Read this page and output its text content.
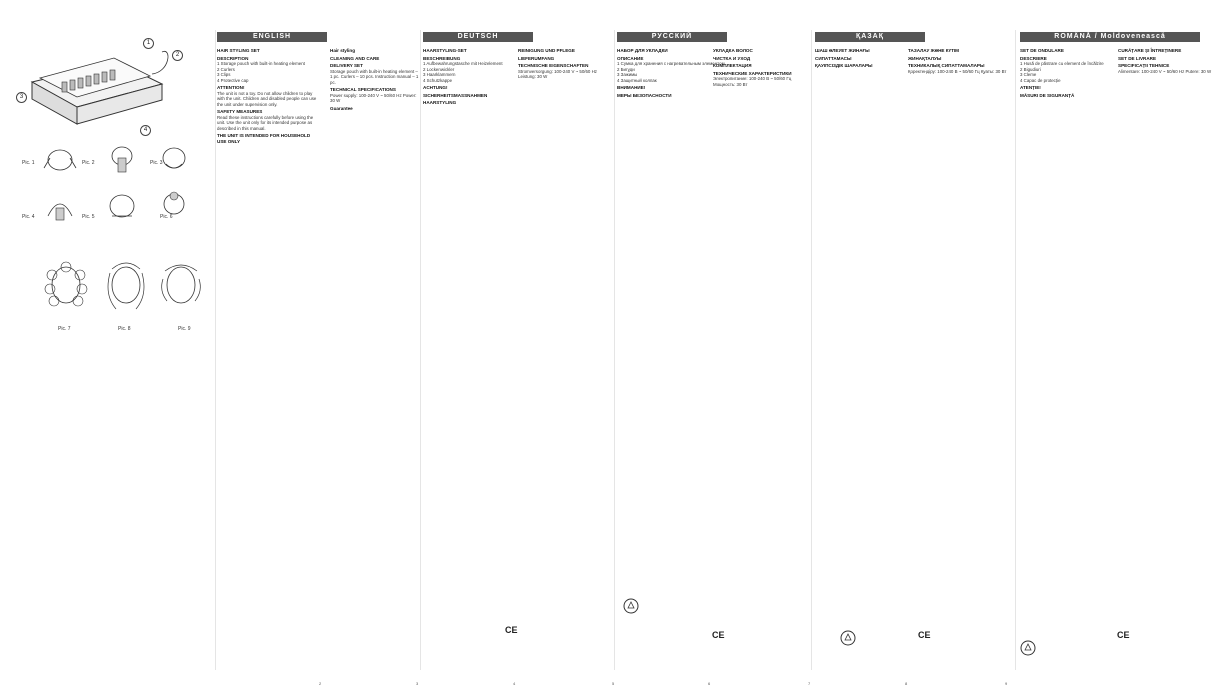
1
2
3
4
Pic. 1	Pic. 2	Pic. 3
Pic. 4	Pic. 5	Pic. 6
Pic. 7	Pic. 8	Pic. 9
ENGLISH	DEUTSCH	РУССКИЙ	ҚАЗАҚ	ROMÂNĂ / Moldovenească
HAIR STYLING SET
DESCRIPTION
1 Storage pouch with built-in heating element
2 Curlers
3 Clips
4 Protective cap
ATTENTION!
The unit is not a toy. Do not allow children to play with the unit. Children and disabled people can use the unit under supervision only.
SAFETY MEASURES
Read these instructions carefully before using the unit. Use the unit only for its intended purpose as described in this manual.
THE UNIT IS INTENDED FOR HOUSEHOLD USE ONLY
Hair styling
CLEANING AND CARE
DELIVERY SET
Storage pouch with built-in heating element – 1 pc. Curlers – 10 pcs. Instruction manual – 1 pc.
TECHNICAL SPECIFICATIONS
Power supply: 100-240 V ~ 50/60 Hz Power: 30 W
Guarantee
HAARSTYLING-SET
BESCHREIBUNG
1 Aufbewahrungstasche mit Heizelement
2 Lockenwickler
3 Haarklammern
4 Schutzkappe
ACHTUNG!
SICHERHEITSMASSNAHMEN
HAARSTYLING
REINIGUNG UND PFLEGE
LIEFERUMFANG
TECHNISCHE EIGENSCHAFTEN
Stromversorgung: 100-240 V ~ 50/60 Hz Leistung: 30 W
НАБОР ДЛЯ УКЛАДКИ
ОПИСАНИЕ
1 Сумка для хранения с нагревательным элементом
2 Бигуди
3 Зажимы
4 Защитный колпак
ВНИМАНИЕ!
МЕРЫ БЕЗОПАСНОСТИ
УКЛАДКА ВОЛОС
ЧИСТКА И УХОД
КОМПЛЕКТАЦИЯ
ТЕХНИЧЕСКИЕ ХАРАКТЕРИСТИКИ
Электропитание: 100-240 В ~ 50/60 Гц Мощность: 30 Вт
ШАШ ӘЛЕУЕТ ЖИНАҒЫ
СИПАТТАМАСЫ
ҚАУІПСІЗДІК ШАРАЛАРЫ
ТАЗАЛАУ ЖӘНЕ КҮТІМ
ЖИНАҚТАЛУЫ
ТЕХНИКАЛЫҚ СИПАТТАМАЛАРЫ
Қоректендіру: 100-240 В ~ 50/60 Гц Қуаты: 30 Вт
SET DE ONDULARE
DESCRIERE
1 Husă de păstrare cu element de încălzire
2 Bigudiuri
3 Cleme
4 Capac de protecție
ATENȚIE!
MĂSURI DE SIGURANȚĂ
CURĂȚARE ȘI ÎNTREȚINERE
SET DE LIVRARE
SPECIFICAȚII TEHNICE
Alimentare: 100-240 V ~ 50/60 Hz Putere: 30 W
CE	CE	CE	CE
2	3	4	5	6	7	8	9
